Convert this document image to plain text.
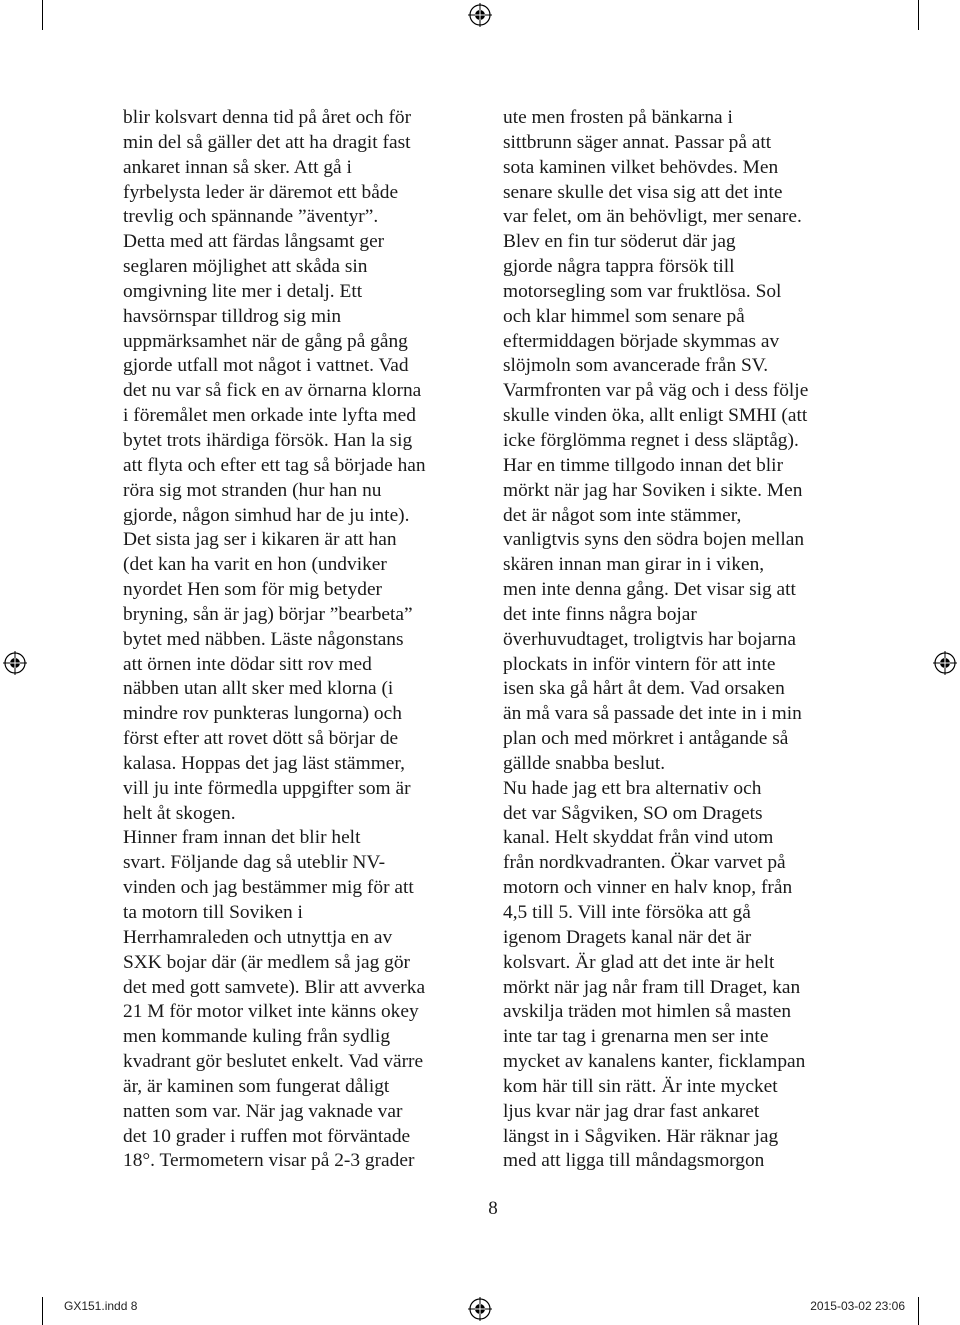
blir kolsvart denna tid på året och för
min del så gäller det att ha dragit fast
ankaret innan så sker. Att gå i
fyrbelysta leder är däremot ett både
trevlig och spännande ”äventyr”.
Detta med att färdas långsamt ger
seglaren möjlighet att skåda sin
omgivning lite mer i detalj. Ett
havsörnspar tilldrog sig min
uppmärksamhet när de gång på gång
gjorde utfall mot något i vattnet. Vad
det nu var så fick en av örnarna klorna
i föremålet men orkade inte lyfta med
bytet trots ihärdiga försök. Han la sig
att flyta och efter ett tag så började han
röra sig mot stranden (hur han nu
gjorde, någon simhud har de ju inte).
Det sista jag ser i kikaren är att han
(det kan ha varit en hon (undviker
nyordet Hen som för mig betyder
bryning, sån är jag) börjar ”bearbeta”
bytet med näbben. Läste någonstans
att örnen inte dödar sitt rov med
näbben utan allt sker med klorna (i
mindre rov punkteras lungorna) och
först efter att rovet dött så börjar de
kalasa. Hoppas det jag läst stämmer,
vill ju inte förmedla uppgifter som är
helt åt skogen.
Hinner fram innan det blir helt
svart. Följande dag så uteblir NV-
vinden och jag bestämmer mig för att
ta motorn till Soviken i
Herrhamraleden och utnyttja en av
SXK bojar där (är medlem så jag gör
det med gott samvete). Blir att avverka
21 M för motor vilket inte känns okey
men kommande kuling från sydlig
kvadrant gör beslutet enkelt. Vad värre
är, är kaminen som fungerat dåligt
natten som var. När jag vaknade var
det 10 grader i ruffen mot förväntade
18°. Termometern visar på 2-3 grader
ute men frosten på bänkarna i
sittbrunn säger annat. Passar på att
sota kaminen vilket behövdes. Men
senare skulle det visa sig att det inte
var felet, om än behövligt, mer senare.
Blev en fin tur söderut där jag
gjorde några tappra försök till
motorsegling som var fruktlösa. Sol
och klar himmel som senare på
eftermiddagen började skymmas av
slöjmoln som avancerade från SV.
Varmfronten var på väg och i dess följe
skulle vinden öka, allt enligt SMHI (att
icke förglömma regnet i dess släptåg).
Har en timme tillgodo innan det blir
mörkt när jag har Soviken i sikte. Men
det är något som inte stämmer,
vanligtvis syns den södra bojen mellan
skären innan man girar in i viken,
men inte denna gång. Det visar sig att
det inte finns några bojar
överhuvudtaget, troligtvis har bojarna
plockats in inför vintern för att inte
isen ska gå hårt åt dem. Vad orsaken
än må vara så passade det inte in i min
plan och med mörkret i antågande så
gällde snabba beslut.
Nu hade jag ett bra alternativ och
det var Sågviken, SO om Dragets
kanal. Helt skyddat från vind utom
från nordkvadranten. Ökar varvet på
motorn och vinner en halv knop, från
4,5 till 5. Vill inte försöka att gå
igenom Dragets kanal när det är
kolsvart. Är glad att det inte är helt
mörkt när jag når fram till Draget, kan
avskilja träden mot himlen så masten
inte tar tag i grenarna men ser inte
mycket av kanalens kanter, ficklampan
kom här till sin rätt. Är inte mycket
ljus kvar när jag drar fast ankaret
längst in i Sågviken. Här räknar jag
med att ligga till måndagsmorgon
8
GX151.indd 8	2015-03-02 23:06
